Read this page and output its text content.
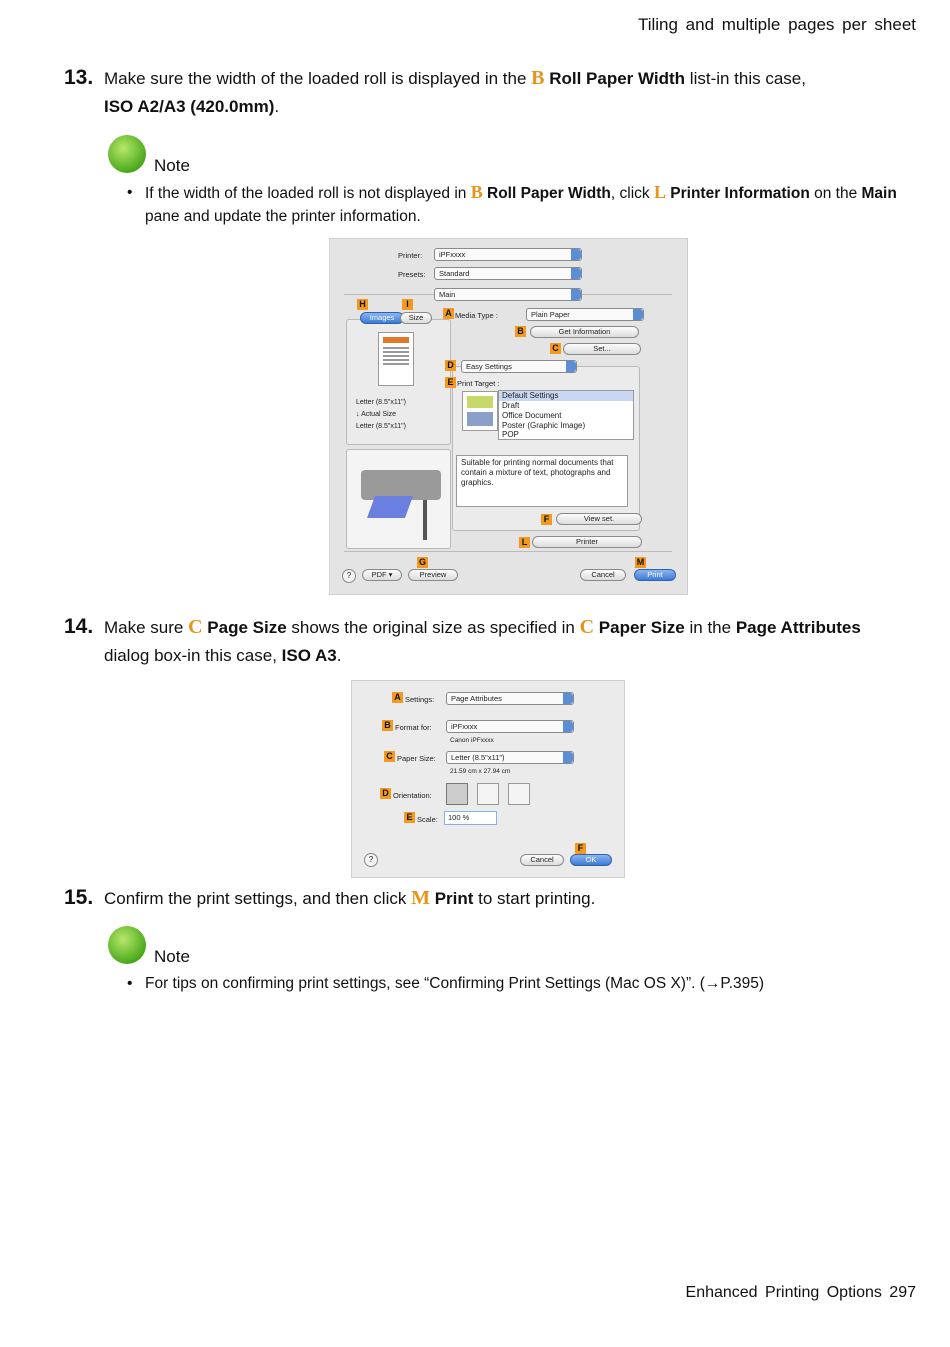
Tiling and multiple pages per sheet
13. Make sure the width of the loaded roll is displayed in the B Roll Paper Width list-in this case,
ISO A2/A3 (420.0mm).
Note
• If the width of the loaded roll is not displayed in B Roll Paper Width, click L Printer Information on the Main pane and update the printer information.
Printer:	iPFxxxx
Presets:	Standard
Main
H	I
Images	Size
Letter (8.5"x11")
↓ Actual Size
Letter (8.5"x11")
A Media Type :	Plain Paper
B	Get Information
C	Set...
D	Easy Settings
E Print Target :
Default Settings
Draft
Office Document
Poster (Graphic Image)
POP
Suitable for printing normal documents that contain a mixture of text, photographs and graphics.
F	View set.
L	Printer
G	M
?	PDF ▾	Preview	Cancel	Print
14. Make sure C Page Size shows the original size as specified in C Paper Size in the Page Attributes
dialog box-in this case, ISO A3.
A Settings:	Page Attributes
B Format for:	iPFxxxx
Canon iPFxxxx
C Paper Size:	Letter (8.5"x11")
21.59 cm x 27.94 cm
D Orientation:
E Scale:	100 %
F
?	Cancel	OK
15. Confirm the print settings, and then click M Print to start printing.
Note
• For tips on confirming print settings, see “Confirming Print Settings (Mac OS X)”. (→P.395)
Enhanced Printing Options 297
